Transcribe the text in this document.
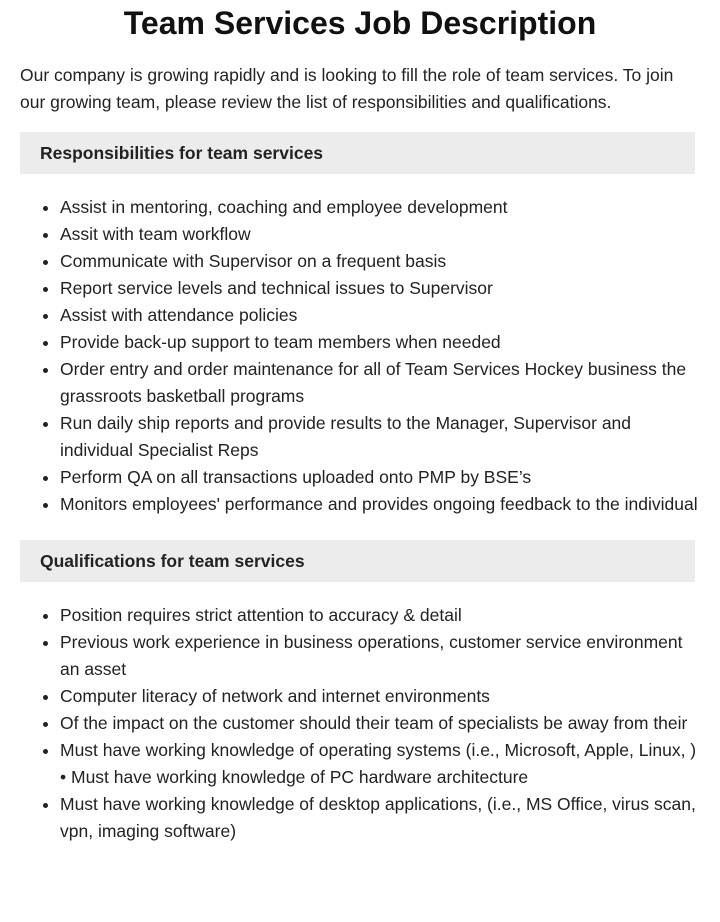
Team Services Job Description

Our company is growing rapidly and is looking to fill the role of team services. To join our growing team, please review the list of responsibilities and qualifications.

Responsibilities for team services
Assist in mentoring, coaching and employee development
Assit with team workflow
Communicate with Supervisor on a frequent basis
Report service levels and technical issues to Supervisor
Assist with attendance policies
Provide back-up support to team members when needed
Order entry and order maintenance for all of Team Services Hockey business the grassroots basketball programs
Run daily ship reports and provide results to the Manager, Supervisor and individual Specialist Reps
Perform QA on all transactions uploaded onto PMP by BSE’s
Monitors employees' performance and provides ongoing feedback to the individual
Qualifications for team services
Position requires strict attention to accuracy & detail
Previous work experience in business operations, customer service environment an asset
Computer literacy of network and internet environments
Of the impact on the customer should their team of specialists be away from their
Must have working knowledge of operating systems (i.e., Microsoft, Apple, Linux, ) • Must have working knowledge of PC hardware architecture
Must have working knowledge of desktop applications, (i.e., MS Office, virus scan, vpn, imaging software)
